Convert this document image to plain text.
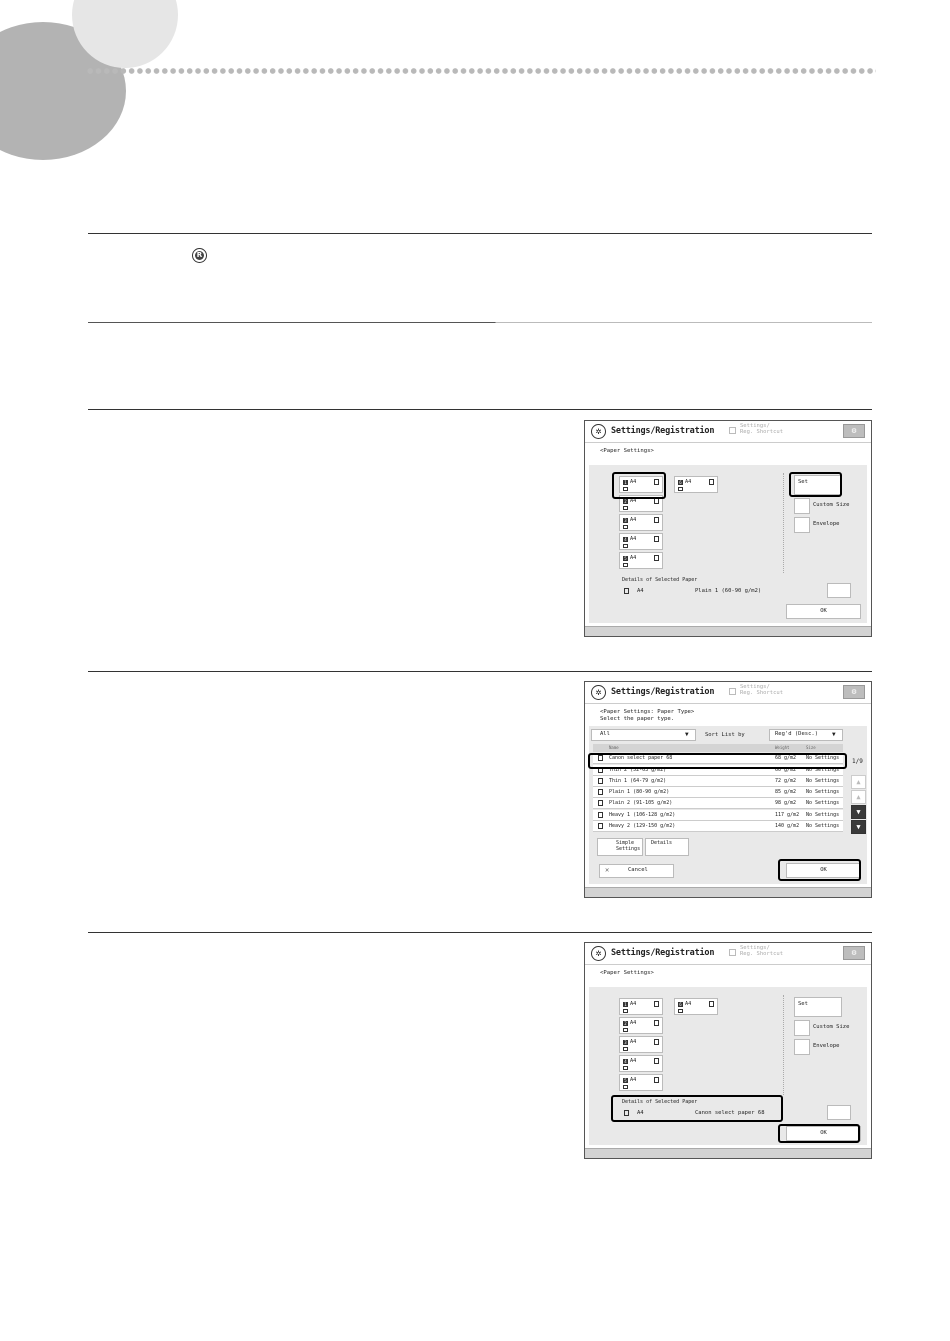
R
✲	Settings/Registration	Settings/
Reg. Shortcut	⚙
<Paper Settings>
1 A4
2 A4
3 A4
4 A4
5 A4
6 A4	Set
Custom Size
Envelope
Details of Selected Paper
A4	Plain 1 (60-90 g/m2)
OK
✲	Settings/Registration	Settings/
Reg. Shortcut	⚙
<Paper Settings: Paper Type>
Select the paper type.
All	▼	Sort List by	Reg'd (Desc.)	▼
Name	Weight	Size
Canon select paper 68	68 g/m2 No Settings
Thin 2 (52-63 g/m2)	60 g/m2 No Settings
Thin 1 (64-79 g/m2)	72 g/m2 No Settings
Plain 1 (80-90 g/m2)	85 g/m2 No Settings
Plain 2 (91-105 g/m2)	98 g/m2 No Settings
Heavy 1 (106-128 g/m2)	117 g/m2 No Settings
Heavy 2 (129-150 g/m2)	140 g/m2 No Settings
1/9
▲
▲
▼
▼
Simple
Settings
Details
✕	Cancel	OK
✲	Settings/Registration	Settings/
Reg. Shortcut	⚙
<Paper Settings>
1 A4
2 A4
3 A4
4 A4
5 A4
6 A4	Set
Custom Size
Envelope
Details of Selected Paper
A4	Canon select paper 68
OK
